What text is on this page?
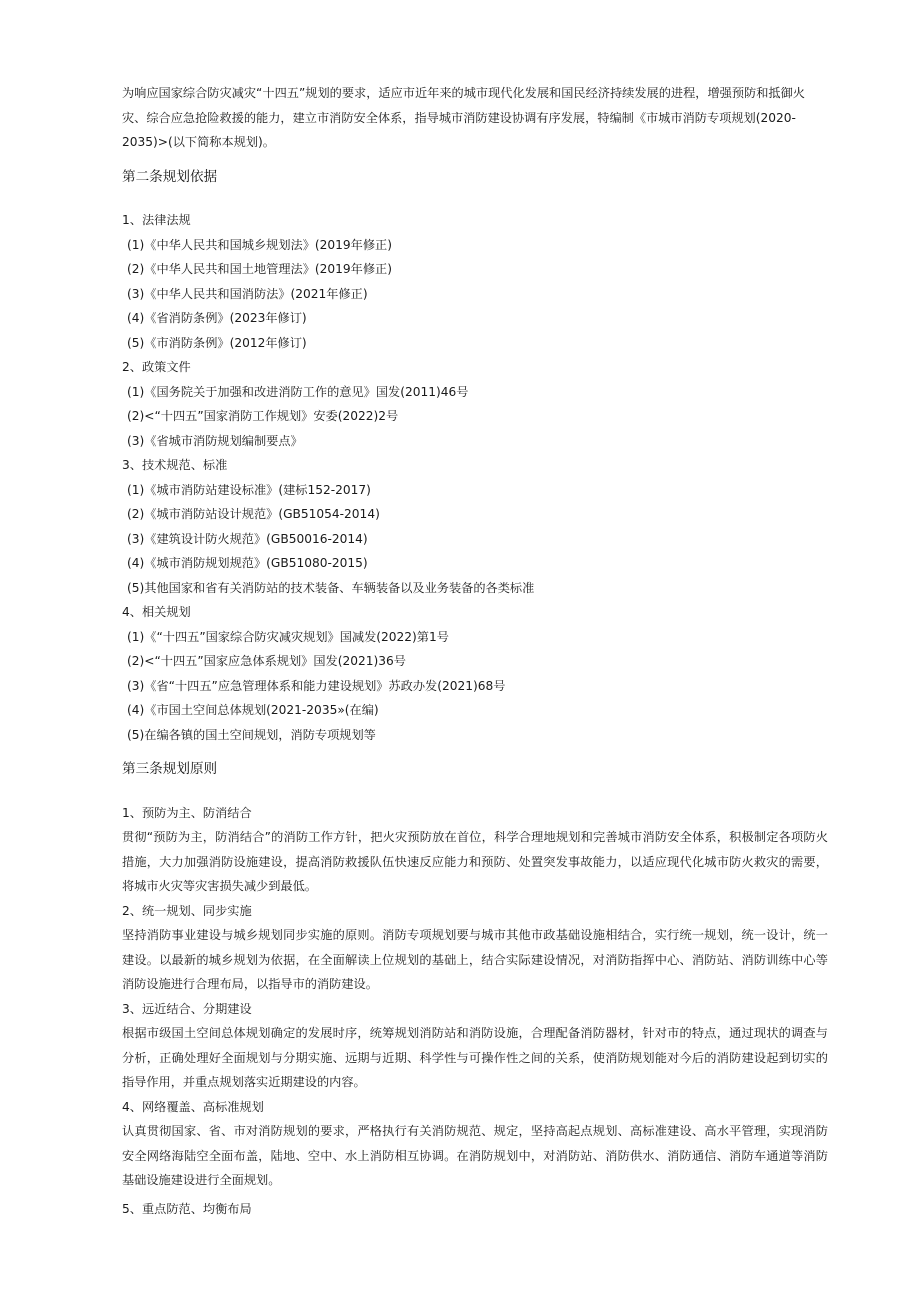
为响应国家综合防灾减灾“十四五”规划的要求，适应市近年来的城市现代化发展和国民经济持续发展的进程，增强预防和抵御火灾、综合应急抢险救援的能力，建立市消防安全体系，指导城市消防建设协调有序发展，特编制《市城市消防专项规划(2020-2035)>(以下简称本规划)。

第二条规划依据

1、法律法规

(1)《中华人民共和国城乡规划法》(2019年修正)

(2)《中华人民共和国土地管理法》(2019年修正)

(3)《中华人民共和国消防法》(2021年修正)

(4)《省消防条例》(2023年修订)

(5)《市消防条例》(2012年修订)

2、政策文件

(1)《国务院关于加强和改进消防工作的意见》国发(2011)46号

(2)<“十四五”国家消防工作规划》安委(2022)2号

(3)《省城市消防规划编制要点》

3、技术规范、标准

(1)《城市消防站建设标准》(建标152-2017)

(2)《城市消防站设计规范》(GB51054-2014)

(3)《建筑设计防火规范》(GB50016-2014)

(4)《城市消防规划规范》(GB51080-2015)

(5)其他国家和省有关消防站的技术装备、车辆装备以及业务装备的各类标准

4、相关规划

(1)《“十四五”国家综合防灾减灾规划》国减发(2022)第1号

(2)<“十四五”国家应急体系规划》国发(2021)36号

(3)《省“十四五”应急管理体系和能力建设规划》苏政办发(2021)68号

(4)《市国土空间总体规划(2021-2035»(在编)

(5)在编各镇的国土空间规划，消防专项规划等

第三条规划原则

1、预防为主、防消结合

贯彻“预防为主，防消结合”的消防工作方针，把火灾预防放在首位，科学合理地规划和完善城市消防安全体系，积极制定各项防火措施，大力加强消防设施建设，提高消防救援队伍快速反应能力和预防、处置突发事故能力，以适应现代化城市防火救灾的需要，将城市火灾等灾害损失减少到最低。

2、统一规划、同步实施

坚持消防事业建设与城乡规划同步实施的原则。消防专项规划要与城市其他市政基础设施相结合，实行统一规划，统一设计，统一建设。以最新的城乡规划为依据，在全面解读上位规划的基础上，结合实际建设情况，对消防指挥中心、消防站、消防训练中心等消防设施进行合理布局，以指导市的消防建设。

3、远近结合、分期建设

根据市级国土空间总体规划确定的发展时序，统筹规划消防站和消防设施，合理配备消防器材，针对市的特点，通过现状的调查与分析，正确处理好全面规划与分期实施、远期与近期、科学性与可操作性之间的关系，使消防规划能对今后的消防建设起到切实的指导作用，并重点规划落实近期建设的内容。

4、网络覆盖、高标准规划

认真贯彻国家、省、市对消防规划的要求，严格执行有关消防规范、规定，坚持高起点规划、高标准建设、高水平管理，实现消防安全网络海陆空全面布盖，陆地、空中、水上消防相互协调。在消防规划中，对消防站、消防供水、消防通信、消防车通道等消防基础设施建设进行全面规划。

5、重点防范、均衡布局
